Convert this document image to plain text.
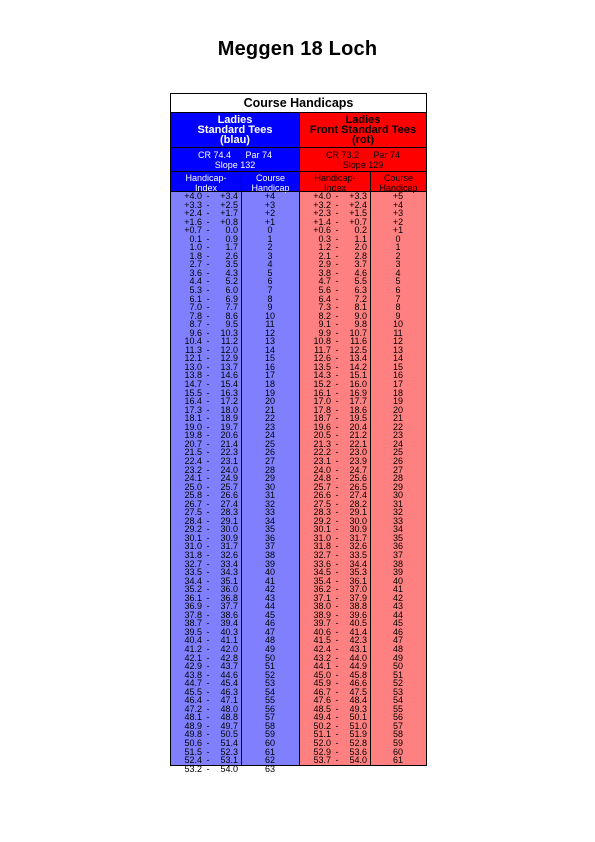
Meggen 18 Loch
Course Handicaps
Ladies
Standard Tees
(blau)
CR 74.4 Par 74
Slope 132
Handicap-
Index
Course
Handicap
+4.0 -	+3.4	+4
+3.3 -	+2.5	+3
+2.4 -	+1.7	+2
+1.6 -	+0.8	+1
+0.7 -	0.0	0
0.1 -	0.9	1
1.0 -	1.7	2
1.8 -	2.6	3
2.7 -	3.5	4
3.6 -	4.3	5
4.4 -	5.2	6
5.3 -	6.0	7
6.1 -	6.9	8
7.0 -	7.7	9
7.8 -	8.6	10
8.7 -	9.5	11
9.6 -	10.3	12
10.4 -	11.2	13
11.3 -	12.0	14
12.1 -	12.9	15
13.0 -	13.7	16
13.8 -	14.6	17
14.7 -	15.4	18
15.5 -	16.3	19
16.4 -	17.2	20
17.3 -	18.0	21
18.1 -	18.9	22
19.0 -	19.7	23
19.8 -	20.6	24
20.7 -	21.4	25
21.5 -	22.3	26
22.4 -	23.1	27
23.2 -	24.0	28
24.1 -	24.9	29
25.0 -	25.7	30
25.8 -	26.6	31
26.7 -	27.4	32
27.5 -	28.3	33
28.4 -	29.1	34
29.2 -	30.0	35
30.1 -	30.9	36
31.0 -	31.7	37
31.8 -	32.6	38
32.7 -	33.4	39
33.5 -	34.3	40
34.4 -	35.1	41
35.2 -	36.0	42
36.1 -	36.8	43
36.9 -	37.7	44
37.8 -	38.6	45
38.7 -	39.4	46
39.5 -	40.3	47
40.4 -	41.1	48
41.2 -	42.0	49
42.1 -	42.8	50
42.9 -	43.7	51
43.8 -	44.6	52
44.7 -	45.4	53
45.5 -	46.3	54
46.4 -	47.1	55
47.2 -	48.0	56
48.1 -	48.8	57
48.9 -	49.7	58
49.8 -	50.5	59
50.6 -	51.4	60
51.5 -	52.3	61
52.4 -	53.1	62
53.2 -	54.0	63
Ladies
Front Standard Tees
(rot)
CR 73.2 Par 74
Slope 129
Handicap-
Index
Course
Handicap
+4.0 -	+3.3	+5
+3.2 -	+2.4	+4
+2.3 -	+1.5	+3
+1.4 -	+0.7	+2
+0.6 -	0.2	+1
0.3 -	1.1	0
1.2 -	2.0	1
2.1 -	2.8	2
2.9 -	3.7	3
3.8 -	4.6	4
4.7 -	5.5	5
5.6 -	6.3	6
6.4 -	7.2	7
7.3 -	8.1	8
8.2 -	9.0	9
9.1 -	9.8	10
9.9 -	10.7	11
10.8 -	11.6	12
11.7 -	12.5	13
12.6 -	13.4	14
13.5 -	14.2	15
14.3 -	15.1	16
15.2 -	16.0	17
16.1 -	16.9	18
17.0 -	17.7	19
17.8 -	18.6	20
18.7 -	19.5	21
19.6 -	20.4	22
20.5 -	21.2	23
21.3 -	22.1	24
22.2 -	23.0	25
23.1 -	23.9	26
24.0 -	24.7	27
24.8 -	25.6	28
25.7 -	26.5	29
26.6 -	27.4	30
27.5 -	28.2	31
28.3 -	29.1	32
29.2 -	30.0	33
30.1 -	30.9	34
31.0 -	31.7	35
31.8 -	32.6	36
32.7 -	33.5	37
33.6 -	34.4	38
34.5 -	35.3	39
35.4 -	36.1	40
36.2 -	37.0	41
37.1 -	37.9	42
38.0 -	38.8	43
38.9 -	39.6	44
39.7 -	40.5	45
40.6 -	41.4	46
41.5 -	42.3	47
42.4 -	43.1	48
43.2 -	44.0	49
44.1 -	44.9	50
45.0 -	45.8	51
45.9 -	46.6	52
46.7 -	47.5	53
47.6 -	48.4	54
48.5 -	49.3	55
49.4 -	50.1	56
50.2 -	51.0	57
51.1 -	51.9	58
52.0 -	52.8	59
52.9 -	53.6	60
53.7 -	54.0	61
